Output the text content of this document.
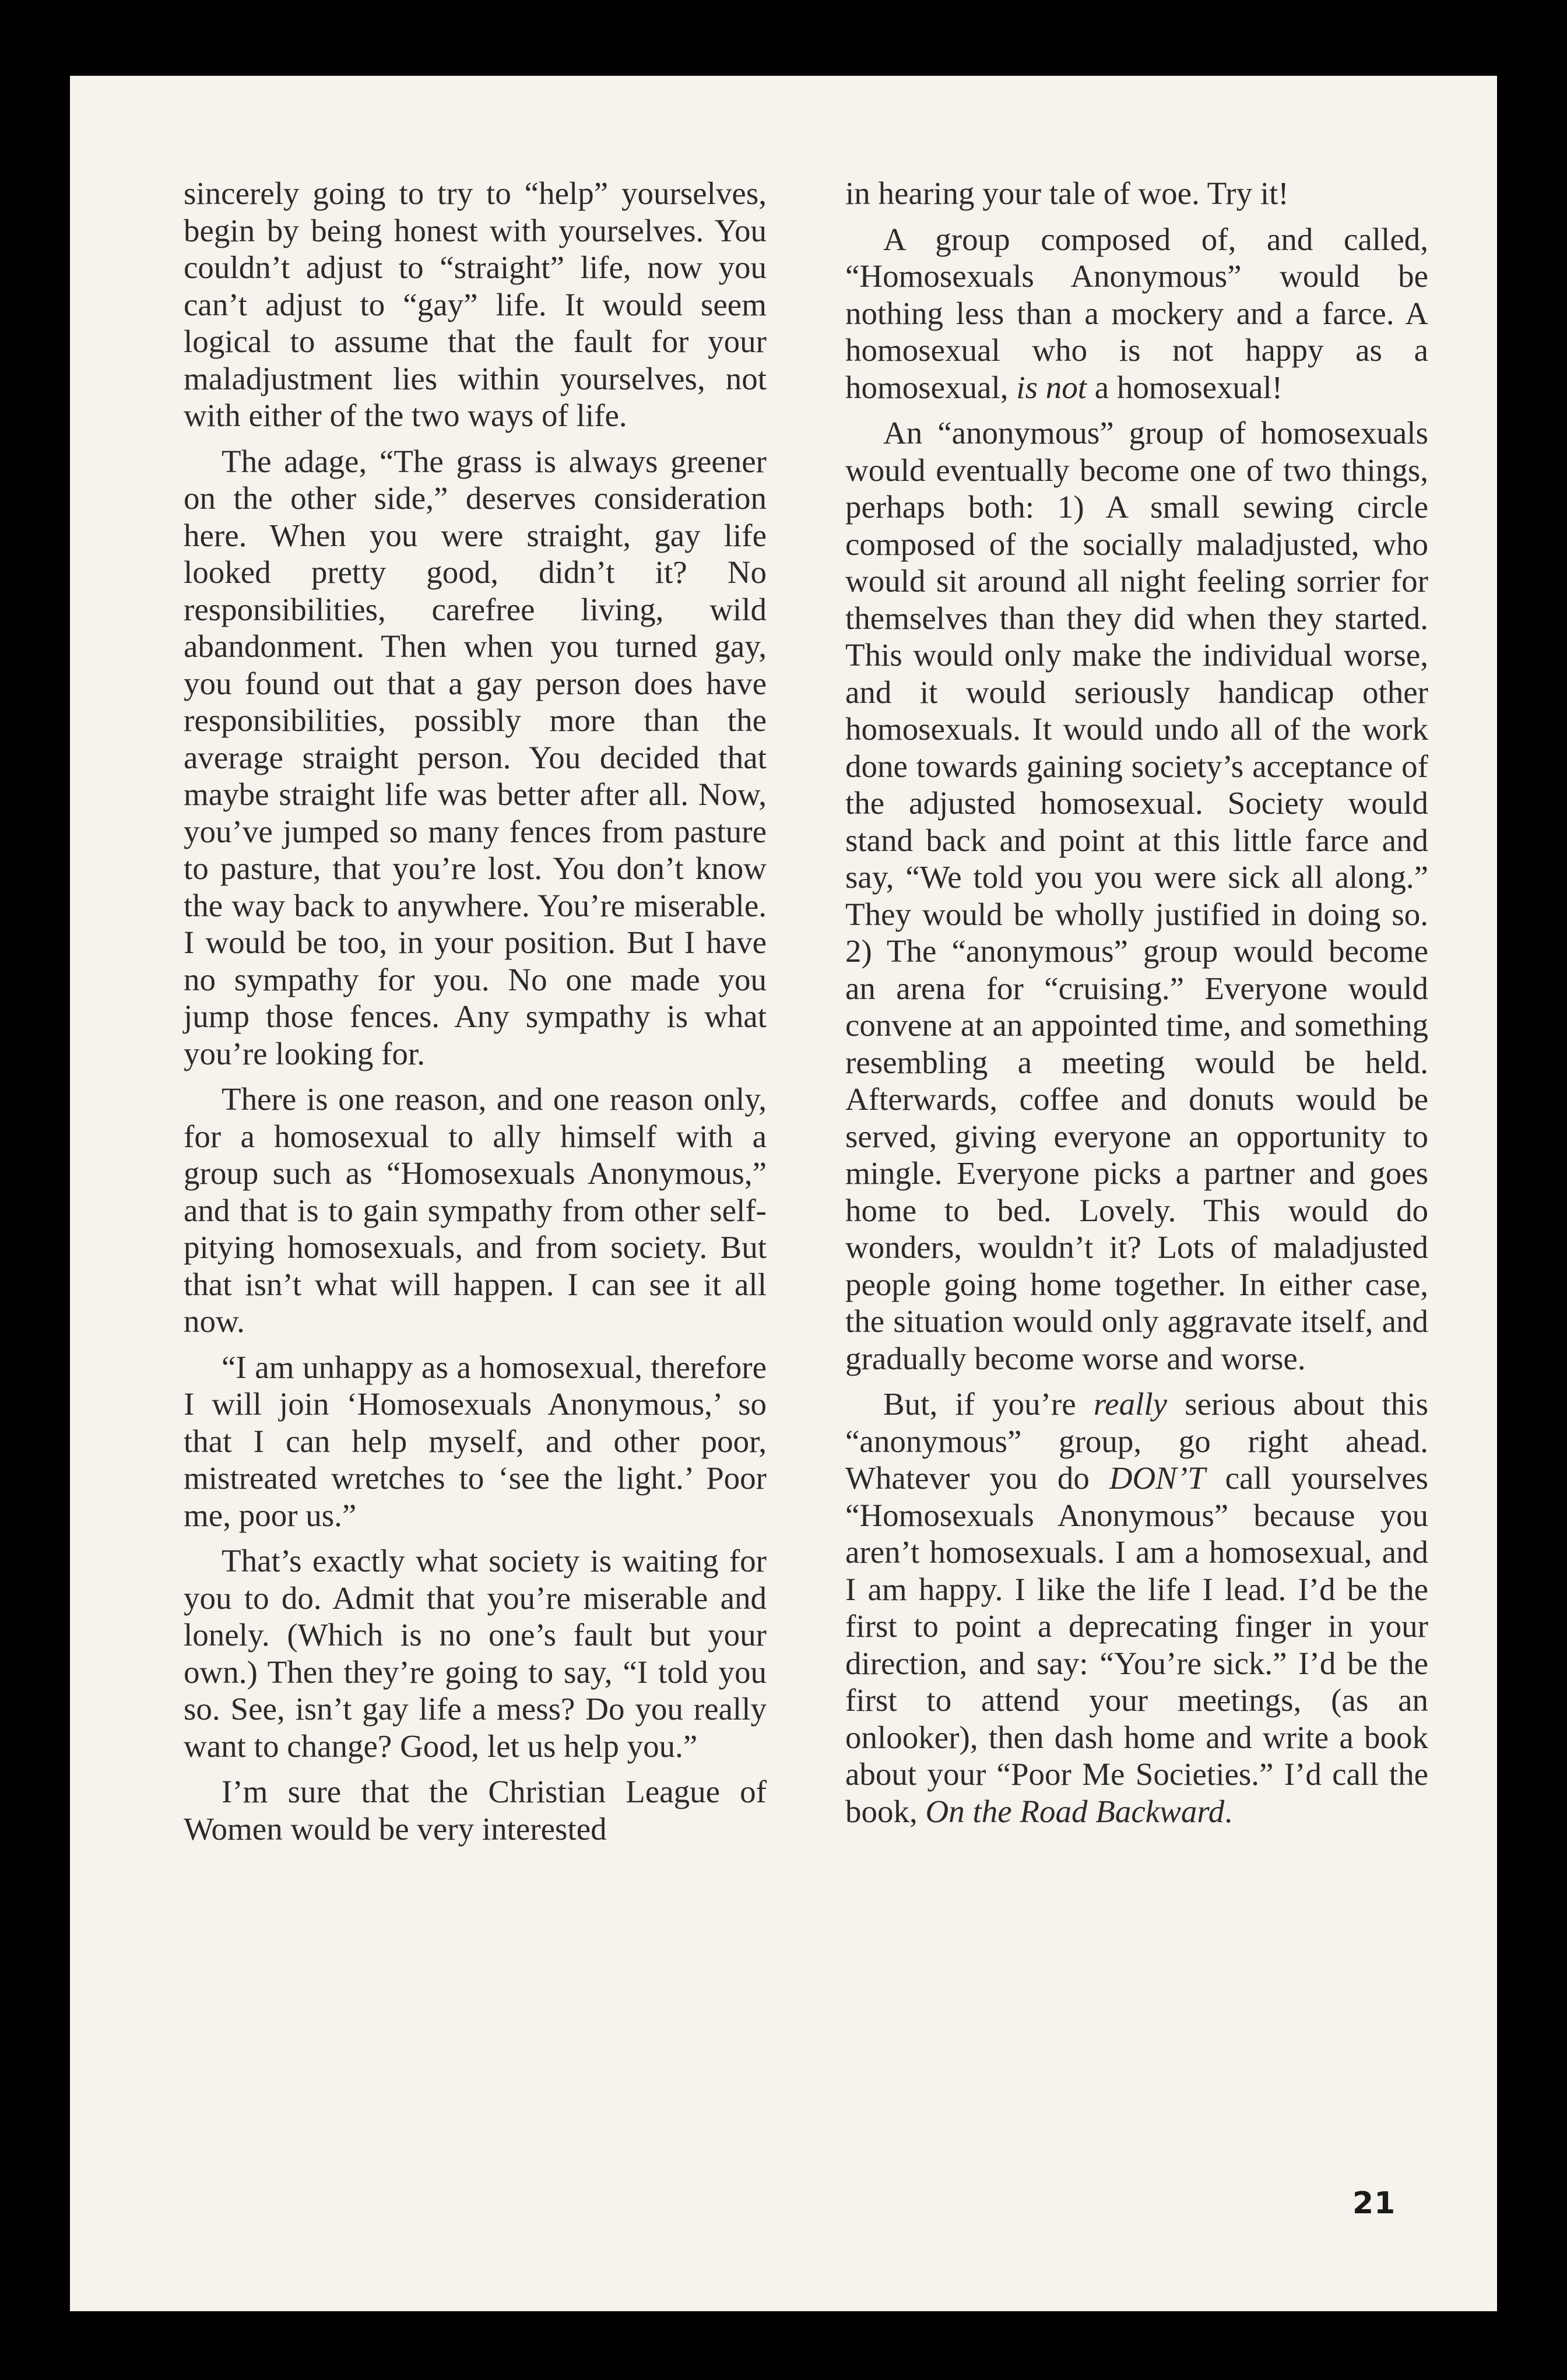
sincerely going to try to “help” yourselves, begin by being honest with yourselves. You couldn’t adjust to “straight” life, now you can’t adjust to “gay” life. It would seem logical to assume that the fault for your maladjustment lies within yourselves, not with either of the two ways of life.

The adage, “The grass is always greener on the other side,” deserves consideration here. When you were straight, gay life looked pretty good, didn’t it? No responsibilities, carefree living, wild abandonment. Then when you turned gay, you found out that a gay person does have responsibilities, possibly more than the average straight person. You decided that maybe straight life was better after all. Now, you’ve jumped so many fences from pasture to pasture, that you’re lost. You don’t know the way back to anywhere. You’re miserable. I would be too, in your position. But I have no sympathy for you. No one made you jump those fences. Any sympathy is what you’re looking for.

There is one reason, and one reason only, for a homosexual to ally himself with a group such as “Homosexuals Anonymous,” and that is to gain sympathy from other self-pitying homosexuals, and from society. But that isn’t what will happen. I can see it all now.

“I am unhappy as a homosexual, therefore I will join ‘Homosexuals Anonymous,’ so that I can help myself, and other poor, mistreated wretches to ‘see the light.’ Poor me, poor us.”

That’s exactly what society is waiting for you to do. Admit that you’re miserable and lonely. (Which is no one’s fault but your own.) Then they’re going to say, “I told you so. See, isn’t gay life a mess? Do you really want to change? Good, let us help you.”

I’m sure that the Christian League of Women would be very interested

in hearing your tale of woe. Try it!

A group composed of, and called, “Homosexuals Anonymous” would be nothing less than a mockery and a farce. A homosexual who is not happy as a homosexual, is not a homosexual!

An “anonymous” group of homosexuals would eventually become one of two things, perhaps both: 1) A small sewing circle composed of the socially maladjusted, who would sit around all night feeling sorrier for themselves than they did when they started. This would only make the individual worse, and it would seriously handicap other homosexuals. It would undo all of the work done towards gaining society’s acceptance of the adjusted homosexual. Society would stand back and point at this little farce and say, “We told you you were sick all along.” They would be wholly justified in doing so. 2) The “anonymous” group would become an arena for “cruising.” Everyone would convene at an appointed time, and something resembling a meeting would be held. Afterwards, coffee and donuts would be served, giving everyone an opportunity to mingle. Everyone picks a partner and goes home to bed. Lovely. This would do wonders, wouldn’t it? Lots of maladjusted people going home together. In either case, the situation would only aggravate itself, and gradually become worse and worse.

But, if you’re really serious about this “anonymous” group, go right ahead. Whatever you do DON’T call yourselves “Homosexuals Anonymous” because you aren’t homosexuals. I am a homosexual, and I am happy. I like the life I lead. I’d be the first to point a deprecating finger in your direction, and say: “You’re sick.” I’d be the first to attend your meetings, (as an onlooker), then dash home and write a book about your “Poor Me Societies.” I’d call the book, On the Road Backward.

21
